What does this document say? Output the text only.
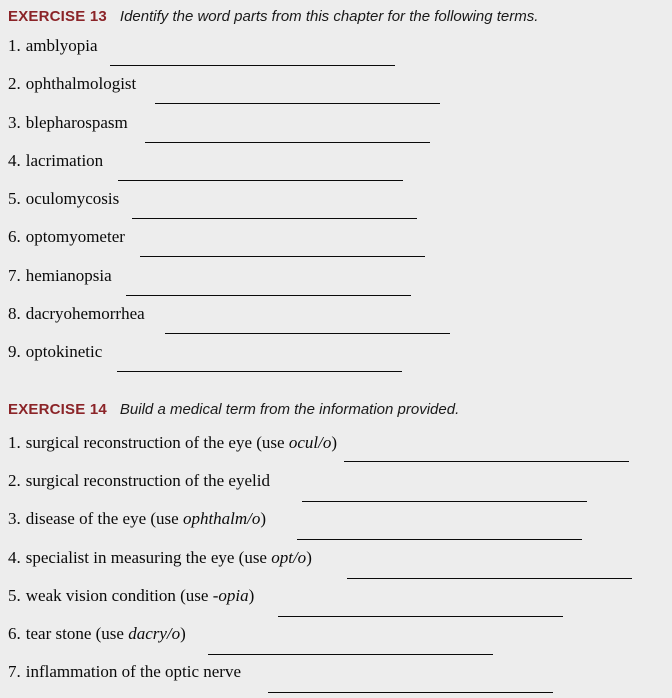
EXERCISE 13 Identify the word parts from this chapter for the following terms.
1. amblyopia
2. ophthalmologist
3. blepharospasm
4. lacrimation
5. oculomycosis
6. optomyometer
7. hemianopsia
8. dacryohemorrhea
9. optokinetic
EXERCISE 14 Build a medical term from the information provided.
1. surgical reconstruction of the eye (use ocul/o)
2. surgical reconstruction of the eyelid
3. disease of the eye (use ophthalm/o)
4. specialist in measuring the eye (use opt/o)
5. weak vision condition (use -opia)
6. tear stone (use dacry/o)
7. inflammation of the optic nerve
